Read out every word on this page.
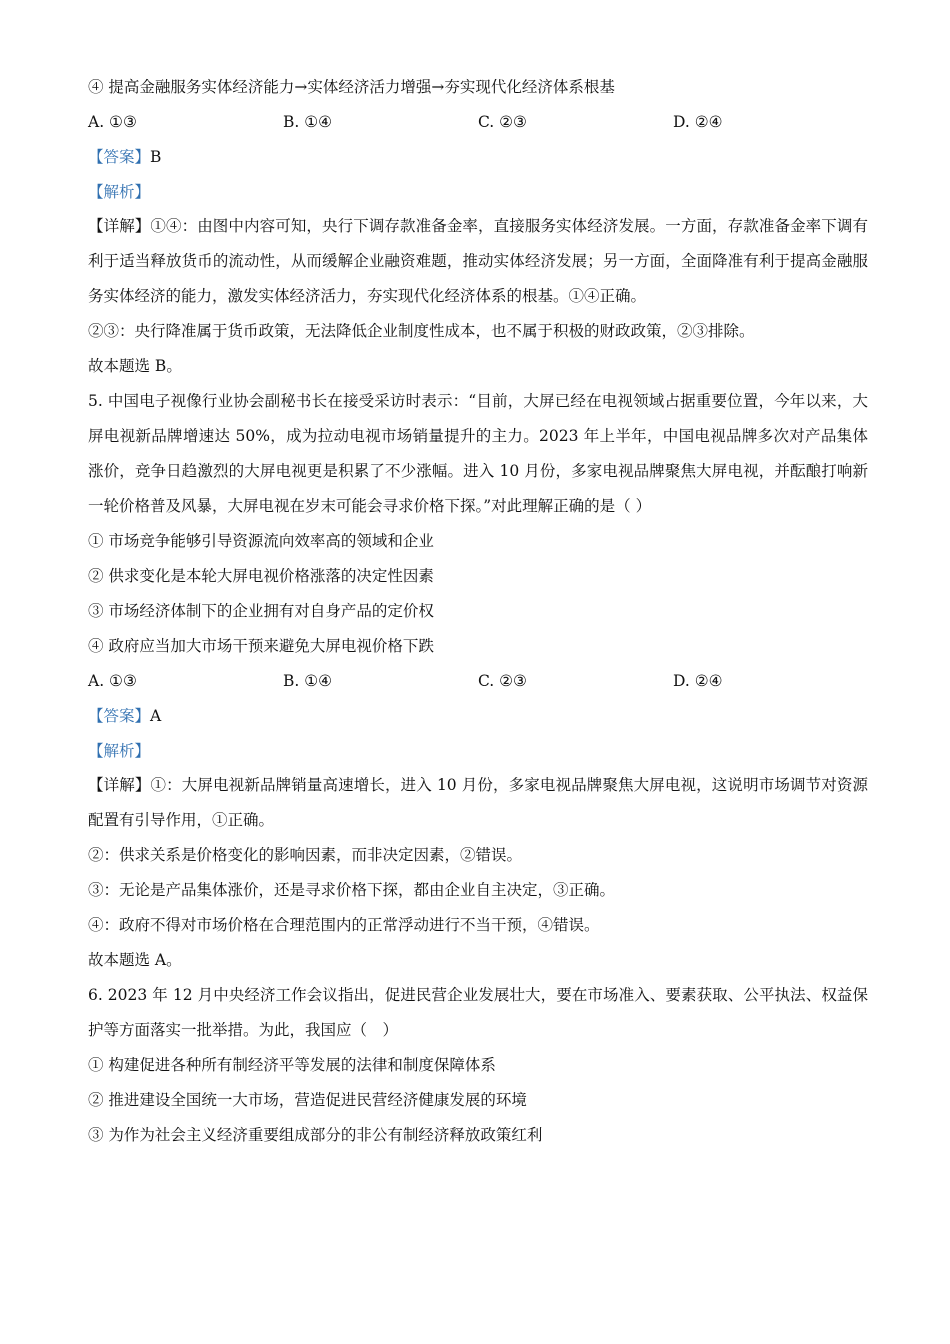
④ 提高金融服务实体经济能力→实体经济活力增强→夯实现代化经济体系根基

A. ①③	B. ①④	C. ②③	D. ②④

【答案】B

【解析】

【详解】①④：由图中内容可知，央行下调存款准备金率，直接服务实体经济发展。一方面，存款准备金率下调有利于适当释放货币的流动性，从而缓解企业融资难题，推动实体经济发展；另一方面，全面降准有利于提高金融服务实体经济的能力，激发实体经济活力，夯实现代化经济体系的根基。①④正确。

②③：央行降准属于货币政策，无法降低企业制度性成本，也不属于积极的财政政策，②③排除。

故本题选 B。

5. 中国电子视像行业协会副秘书长在接受采访时表示：“目前，大屏已经在电视领域占据重要位置，今年以来，大屏电视新品牌增速达 50%，成为拉动电视市场销量提升的主力。2023 年上半年，中国电视品牌多次对产品集体涨价，竞争日趋激烈的大屏电视更是积累了不少涨幅。进入 10 月份，多家电视品牌聚焦大屏电视，并酝酿打响新一轮价格普及风暴，大屏电视在岁末可能会寻求价格下探。”对此理解正确的是（ ）

① 市场竞争能够引导资源流向效率高的领域和企业

② 供求变化是本轮大屏电视价格涨落的决定性因素

③ 市场经济体制下的企业拥有对自身产品的定价权

④ 政府应当加大市场干预来避免大屏电视价格下跌

A. ①③	B. ①④	C. ②③	D. ②④

【答案】A

【解析】

【详解】①：大屏电视新品牌销量高速增长，进入 10 月份，多家电视品牌聚焦大屏电视，这说明市场调节对资源配置有引导作用，①正确。

②：供求关系是价格变化的影响因素，而非决定因素，②错误。

③：无论是产品集体涨价，还是寻求价格下探，都由企业自主决定，③正确。

④：政府不得对市场价格在合理范围内的正常浮动进行不当干预，④错误。

故本题选 A。

6. 2023 年 12 月中央经济工作会议指出，促进民营企业发展壮大，要在市场准入、要素获取、公平执法、权益保护等方面落实一批举措。为此，我国应（　）

① 构建促进各种所有制经济平等发展的法律和制度保障体系

② 推进建设全国统一大市场，营造促进民营经济健康发展的环境

③ 为作为社会主义经济重要组成部分的非公有制经济释放政策红利
